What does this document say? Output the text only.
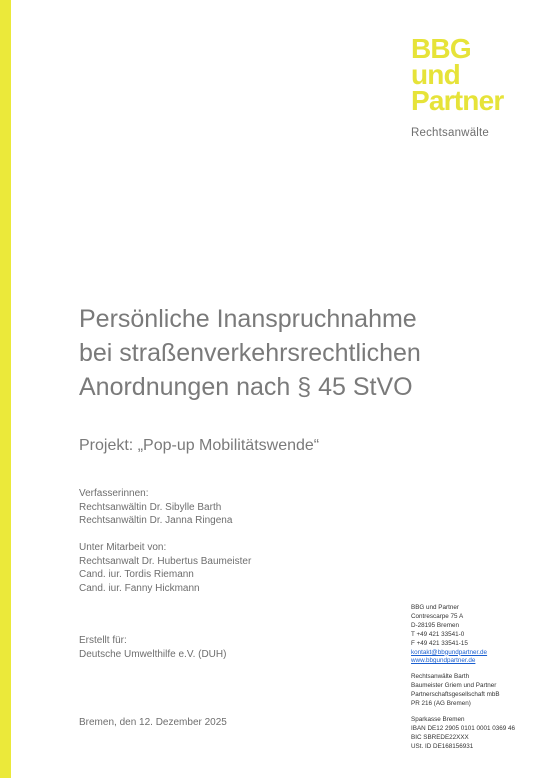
BBG
und
Partner
Rechtsanwälte
Persönliche Inanspruchnahme
bei straßenverkehrsrechtlichen
Anordnungen nach § 45 StVO
Projekt: „Pop-up Mobilitätswende“
Verfasserinnen:
Rechtsanwältin Dr. Sibylle Barth
Rechtsanwältin Dr. Janna Ringena
Unter Mitarbeit von:
Rechtsanwalt Dr. Hubertus Baumeister
Cand. iur. Tordis Riemann
Cand. iur. Fanny Hickmann
Erstellt für:
Deutsche Umwelthilfe e.V. (DUH)
Bremen, den 12. Dezember 2025
BBG und Partner
Contrescarpe 75 A
D-28195 Bremen
T +49 421 33541-0
F +49 421 33541-15
kontakt@bbgundpartner.de
www.bbgundpartner.de
Rechtsanwälte Barth
Baumeister Griem und Partner
Partnerschaftsgesellschaft mbB
PR 216 (AG Bremen)
Sparkasse Bremen
IBAN DE12 2905 0101 0001 0369 46
BIC SBREDE22XXX
USt. ID DE168156931
